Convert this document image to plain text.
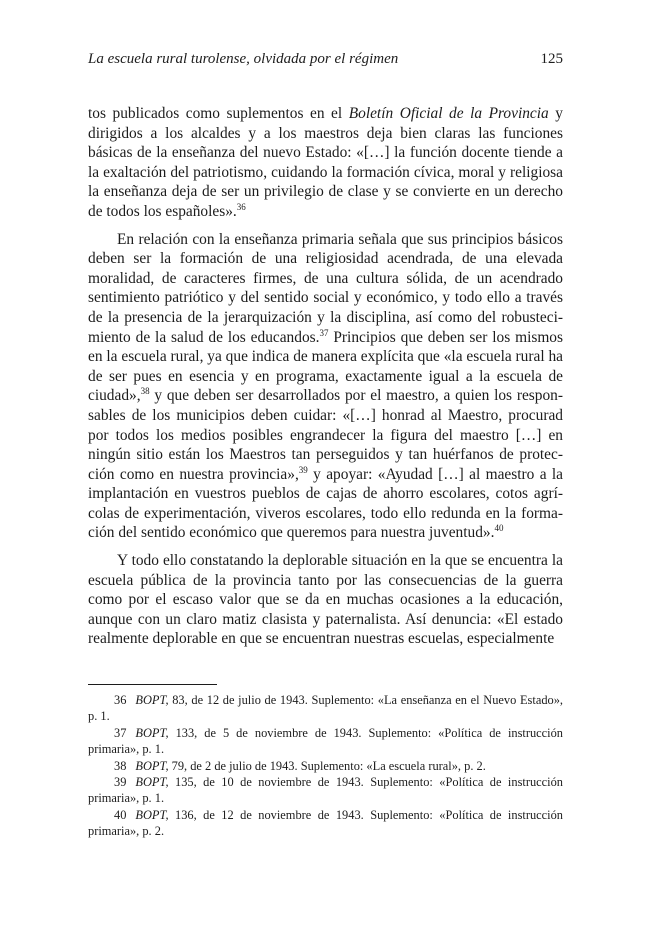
La escuela rural turolense, olvidada por el régimen	125

tos publicados como suplementos en el Boletín Oficial de la Provincia y dirigidos a los alcaldes y a los maestros deja bien claras las funciones básicas de la enseñanza del nuevo Estado: «[…] la función docente tiende a la exaltación del patriotismo, cuidando la formación cívica, moral y religiosa la enseñanza deja de ser un privilegio de clase y se convierte en un derecho de todos los españoles».$^{36}$

En relación con la enseñanza primaria señala que sus principios básicos deben ser la formación de una religiosidad acendrada, de una elevada moralidad, de caracteres firmes, de una cultura sólida, de un acendrado sentimiento patriótico y del sentido social y económico, y todo ello a través de la presencia de la jerarquización y la disciplina, así como del robustecimiento de la salud de los educandos.$^{37}$ Principios que deben ser los mismos en la escuela rural, ya que indica de manera explícita que «la escuela rural ha de ser pues en esencia y en programa, exactamente igual a la escuela de ciudad»,$^{38}$ y que deben ser desarrollados por el maestro, a quien los responsables de los municipios deben cuidar: «[…] honrad al Maestro, procurad por todos los medios posibles engrandecer la figura del maestro […] en ningún sitio están los Maestros tan perseguidos y tan huérfanos de protección como en nuestra provincia»,$^{39}$ y apoyar: «Ayudad […] al maestro a la implantación en vuestros pueblos de cajas de ahorro escolares, cotos agrícolas de experimentación, viveros escolares, todo ello redunda en la formación del sentido económico que queremos para nuestra juventud».$^{40}$

Y todo ello constatando la deplorable situación en la que se encuentra la escuela pública de la provincia tanto por las consecuencias de la guerra como por el escaso valor que se da en muchas ocasiones a la educación, aunque con un claro matiz clasista y paternalista. Así denuncia: «El estado realmente deplorable en que se encuentran nuestras escuelas, especialmente

36 BOPT, 83, de 12 de julio de 1943. Suplemento: «La enseñanza en el Nuevo Estado», p. 1.

37 BOPT, 133, de 5 de noviembre de 1943. Suplemento: «Política de instrucción primaria», p. 1.

38 BOPT, 79, de 2 de julio de 1943. Suplemento: «La escuela rural», p. 2.

39 BOPT, 135, de 10 de noviembre de 1943. Suplemento: «Política de instrucción primaria», p. 1.

40 BOPT, 136, de 12 de noviembre de 1943. Suplemento: «Política de instrucción primaria», p. 2.
